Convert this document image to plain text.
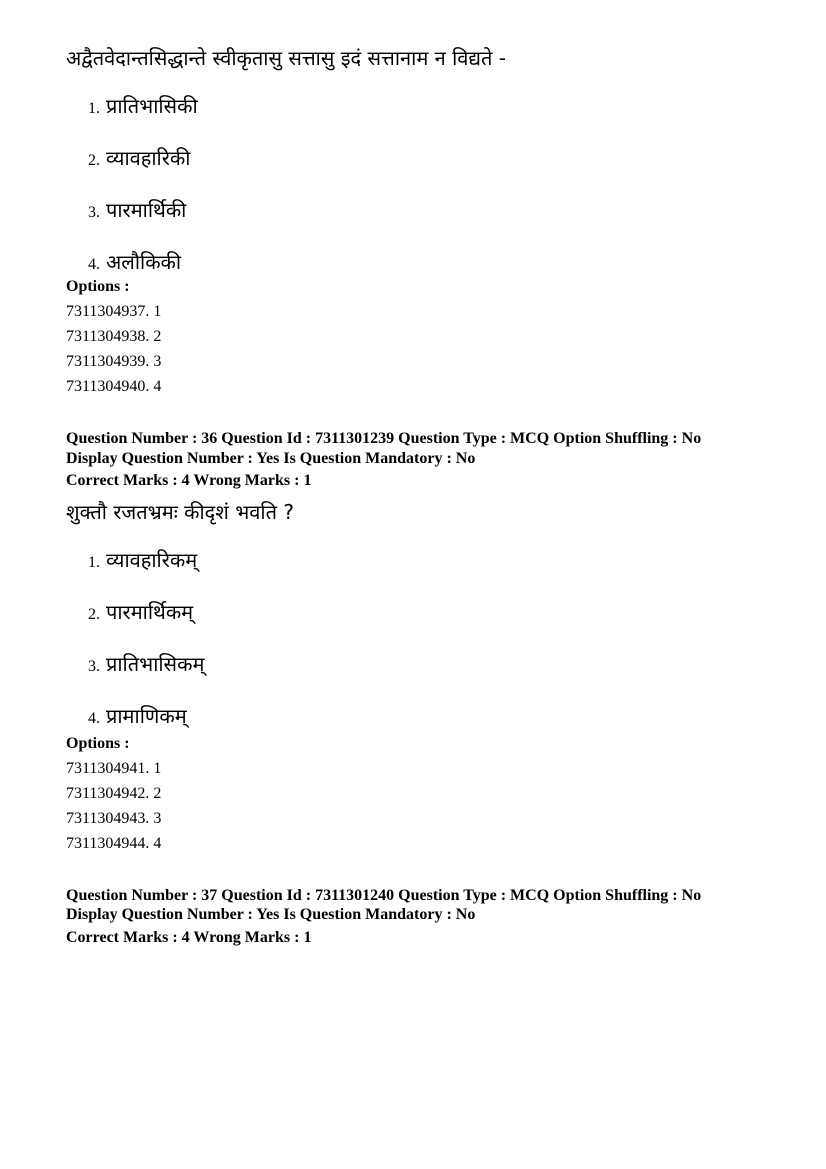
अद्वैतवेदान्तसिद्धान्ते स्वीकृतासु सत्तासु इदं सत्तानाम न विद्यते -
1. प्रातिभासिकी
2. व्यावहारिकी
3. पारमार्थिकी
4. अलौकिकी
Options :
7311304937. 1
7311304938. 2
7311304939. 3
7311304940. 4
Question Number : 36 Question Id : 7311301239 Question Type : MCQ Option Shuffling : No
Display Question Number : Yes Is Question Mandatory : No
Correct Marks : 4 Wrong Marks : 1
शुक्तौ रजतभ्रमः कीदृशं भवति ?
1. व्यावहारिकम्
2. पारमार्थिकम्
3. प्रातिभासिकम्
4. प्रामाणिकम्
Options :
7311304941. 1
7311304942. 2
7311304943. 3
7311304944. 4
Question Number : 37 Question Id : 7311301240 Question Type : MCQ Option Shuffling : No
Display Question Number : Yes Is Question Mandatory : No
Correct Marks : 4 Wrong Marks : 1
